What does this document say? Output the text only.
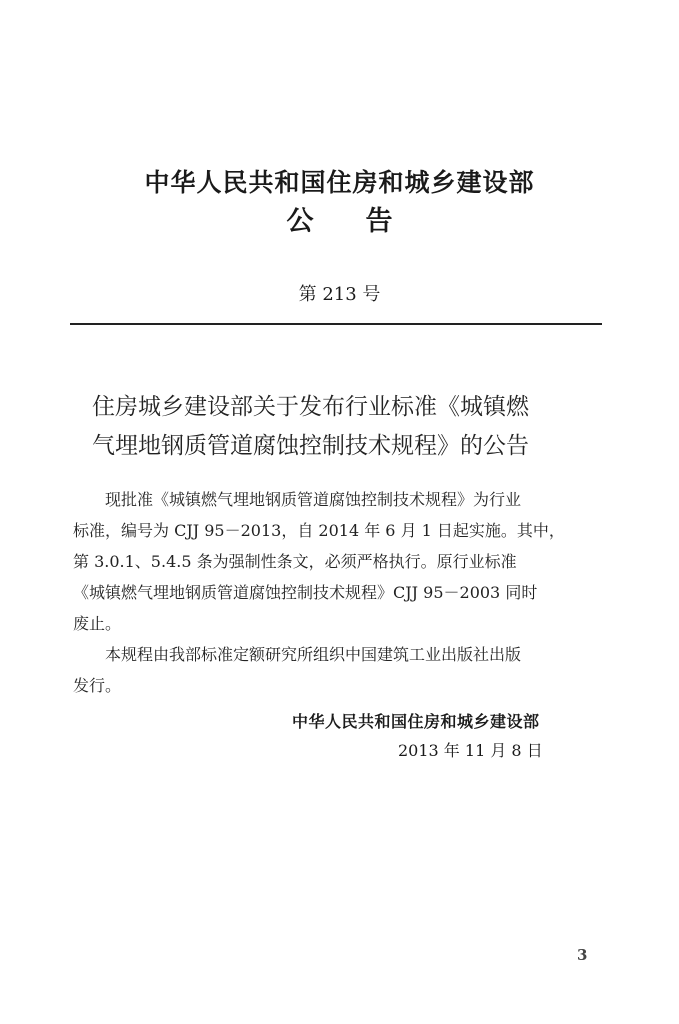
中华人民共和国住房和城乡建设部
公告
第 213 号
住房城乡建设部关于发布行业标准《城镇燃

气埋地钢质管道腐蚀控制技术规程》的公告

现批准《城镇燃气埋地钢质管道腐蚀控制技术规程》为行业

标准，编号为 CJJ 95－2013，自 2014 年 6 月 1 日起实施。其中，

第 3.0.1、5.4.5 条为强制性条文，必须严格执行。原行业标准

《城镇燃气埋地钢质管道腐蚀控制技术规程》CJJ 95－2003 同时

废止。

本规程由我部标准定额研究所组织中国建筑工业出版社出版

发行。

中华人民共和国住房和城乡建设部
2013 年 11 月 8 日
3
